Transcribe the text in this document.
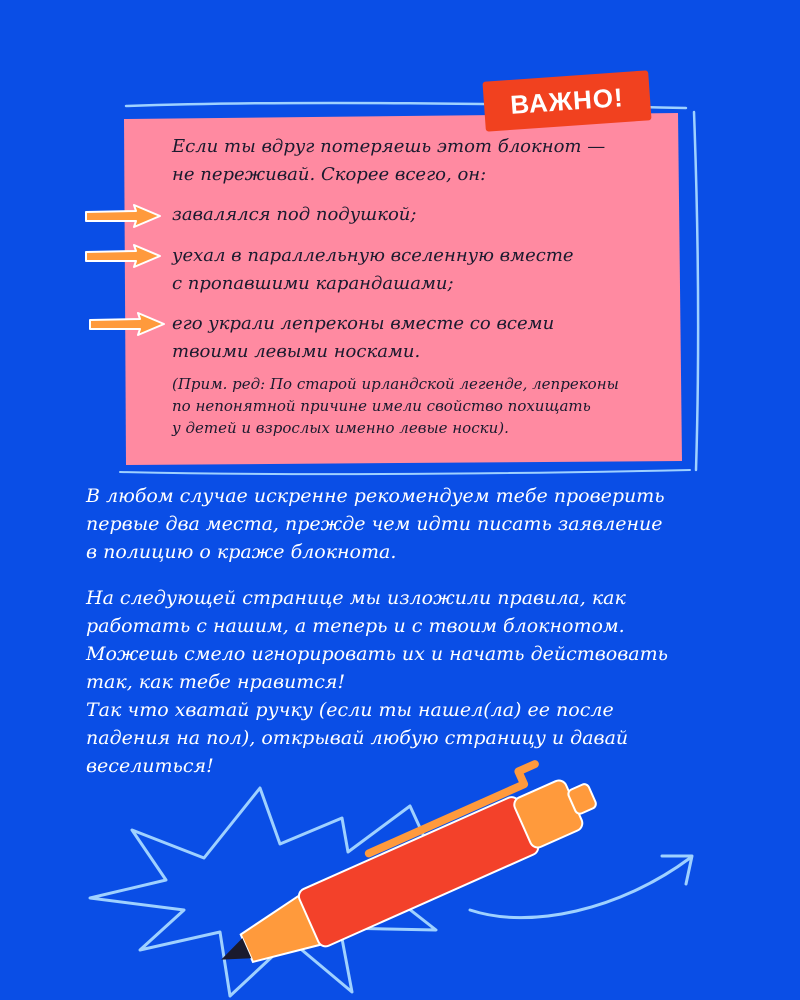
ВАЖНО!
Если ты вдруг потеряешь этот блокнот —
не переживай. Скорее всего, он:
завалялся под подушкой;
уехал в параллельную вселенную вместе
с пропавшими карандашами;
его украли лепреконы вместе со всеми
твоими левыми носками.
(Прим. ред: По старой ирландской легенде, лепреконы
по непонятной причине имели свойство похищать
у детей и взрослых именно левые носки).
В любом случае искренне рекомендуем тебе проверить
первые два места, прежде чем идти писать заявление
в полицию о краже блокнота.
На следующей странице мы изложили правила, как
работать с нашим, а теперь и с твоим блокнотом.
Можешь смело игнорировать их и начать действовать
так, как тебе нравится!
Так что хватай ручку (если ты нашел(ла) ее после
падения на пол), открывай любую страницу и давай
веселиться!
